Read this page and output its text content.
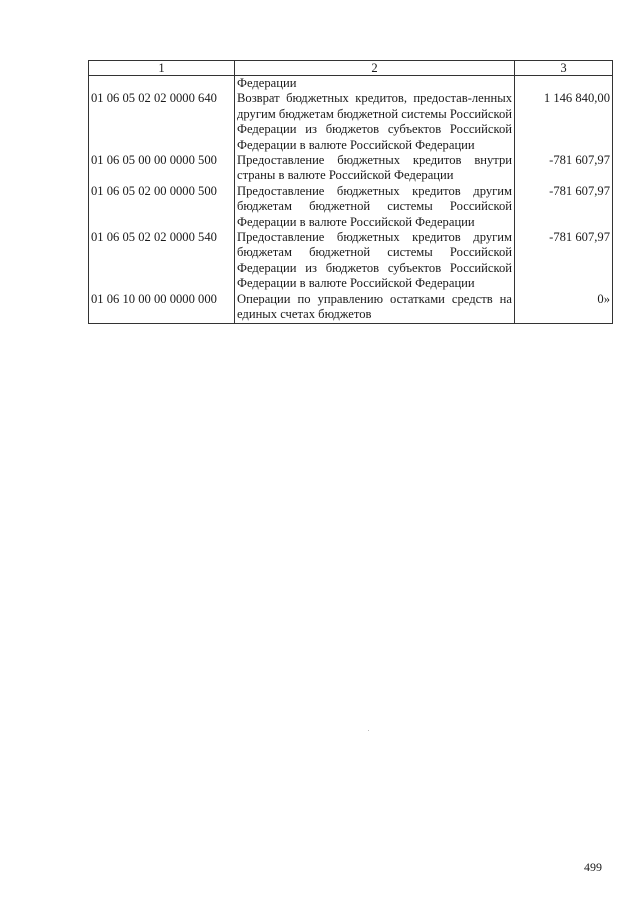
1	2	3
	Федерации	
01 06 05 02 02 0000 640	Возврат бюджетных кредитов, предостав-ленных другим бюджетам бюджетной системы Российской Федерации из бюджетов субъектов Российской Федерации в валюте Российской Федерации	1 146 840,00
01 06 05 00 00 0000 500	Предоставление бюджетных кредитов внутри страны в валюте Российской Федерации	-781 607,97
01 06 05 02 00 0000 500	Предоставление бюджетных кредитов другим бюджетам бюджетной системы Российской Федерации в валюте Российской Федерации	-781 607,97
01 06 05 02 02 0000 540	Предоставление бюджетных кредитов другим бюджетам бюджетной системы Российской Федерации из бюджетов субъектов Российской Федерации в валюте Российской Федерации	-781 607,97
01 06 10 00 00 0000 000	Операции по управлению остатками средств на единых счетах бюджетов	0»
499
